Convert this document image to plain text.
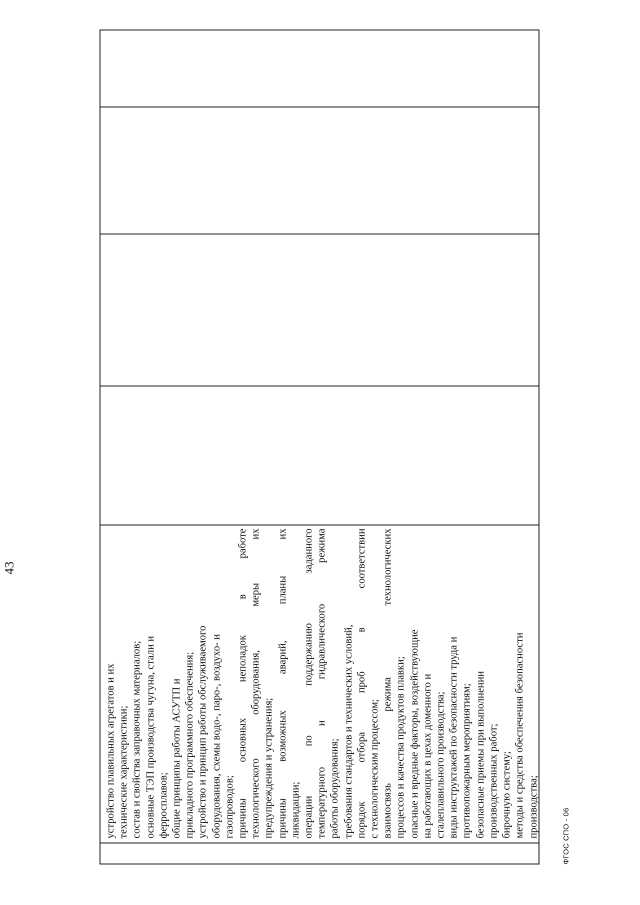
43
устройство плавильных агрегатов и их технические характеристики; состав и свойства заправочных материалов; основные ТЭП производства чугуна, стали и ферросплавов; общие принципы работы АСУТП и прикладного программного обеспечения; устройство и принцип работы обслуживаемого оборудования, схемы водо-, паро-, воздухо- и газопроводов; причины основных неполадок в работе технологического оборудования, меры их предупреждения и устранения; причины возможных аварий, планы их ликвидации; операции по поддержанию заданного температурного и гидравлического режима работы оборудования; требования стандартов и технических условий, порядок отбора проб в соответствии с технологическим процессом; взаимосвязь режима технологических процессов и качества продуктов плавки; опасные и вредные факторы, воздействующие на работающих в цехах доменного и сталеплавильного производства; виды инструктажей по безопасности труда и противопожарным мероприятиям; безопасные приемы при выполнении производственных работ; бирочную систему; методы и средства обеспечения безопасности производства;	ФГОС СПО - 06
